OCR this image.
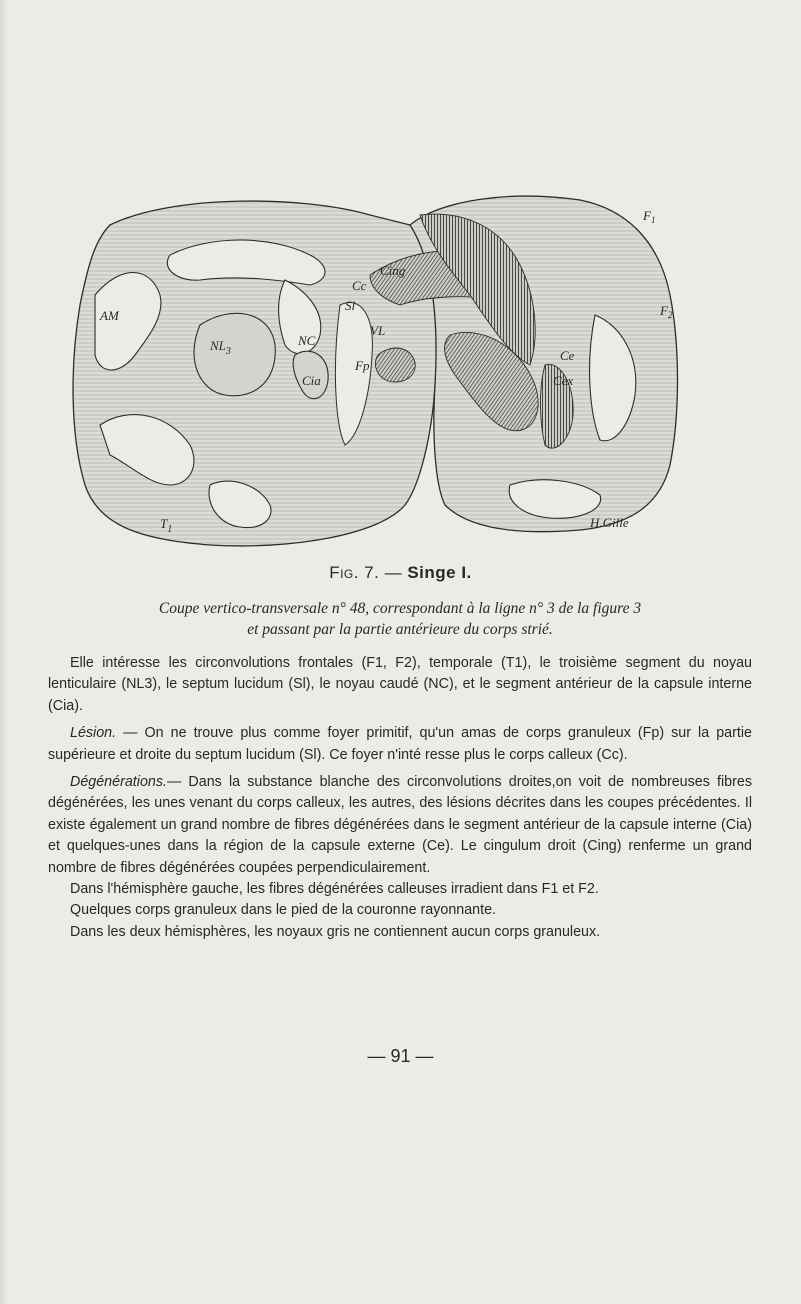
$F_1$
$F_2$
AM
$NL_3$
NC
Cia
Sl
VL
Fp
Cc
Cing
Ce
Cex
$T_1$	H.Gille
Fig. 7. — Singe I.
Coupe vertico-transversale n° 48, correspondant à la ligne n° 3 de la figure 3
et passant par la partie antérieure du corps strié.

Elle intéresse les circonvolutions frontales (F1, F2), temporale (T1), le troisième segment du noyau lenticulaire (NL3), le septum lucidum (Sl), le noyau caudé (NC), et le segment antérieur de la capsule interne (Cia).

Lésion. — On ne trouve plus comme foyer primitif, qu'un amas de corps granuleux (Fp) sur la partie supérieure et droite du septum lucidum (Sl). Ce foyer n'inté resse plus le corps calleux (Cc).

Dégénérations.— Dans la substance blanche des circonvolutions droites,on voit de nombreuses fibres dégénérées, les unes venant du corps calleux, les autres, des lésions décrites dans les coupes précédentes. Il existe également un grand nombre de fibres dégénérées dans le segment antérieur de la capsule interne (Cia) et quelques-unes dans la région de la capsule externe (Ce). Le cingulum droit (Cing) renferme un grand nombre de fibres dégénérées coupées perpendiculairement.

Dans l'hémisphère gauche, les fibres dégénérées calleuses irradient dans F1 et F2.

Quelques corps granuleux dans le pied de la couronne rayonnante.

Dans les deux hémisphères, les noyaux gris ne contiennent aucun corps granuleux.

— 91 —
